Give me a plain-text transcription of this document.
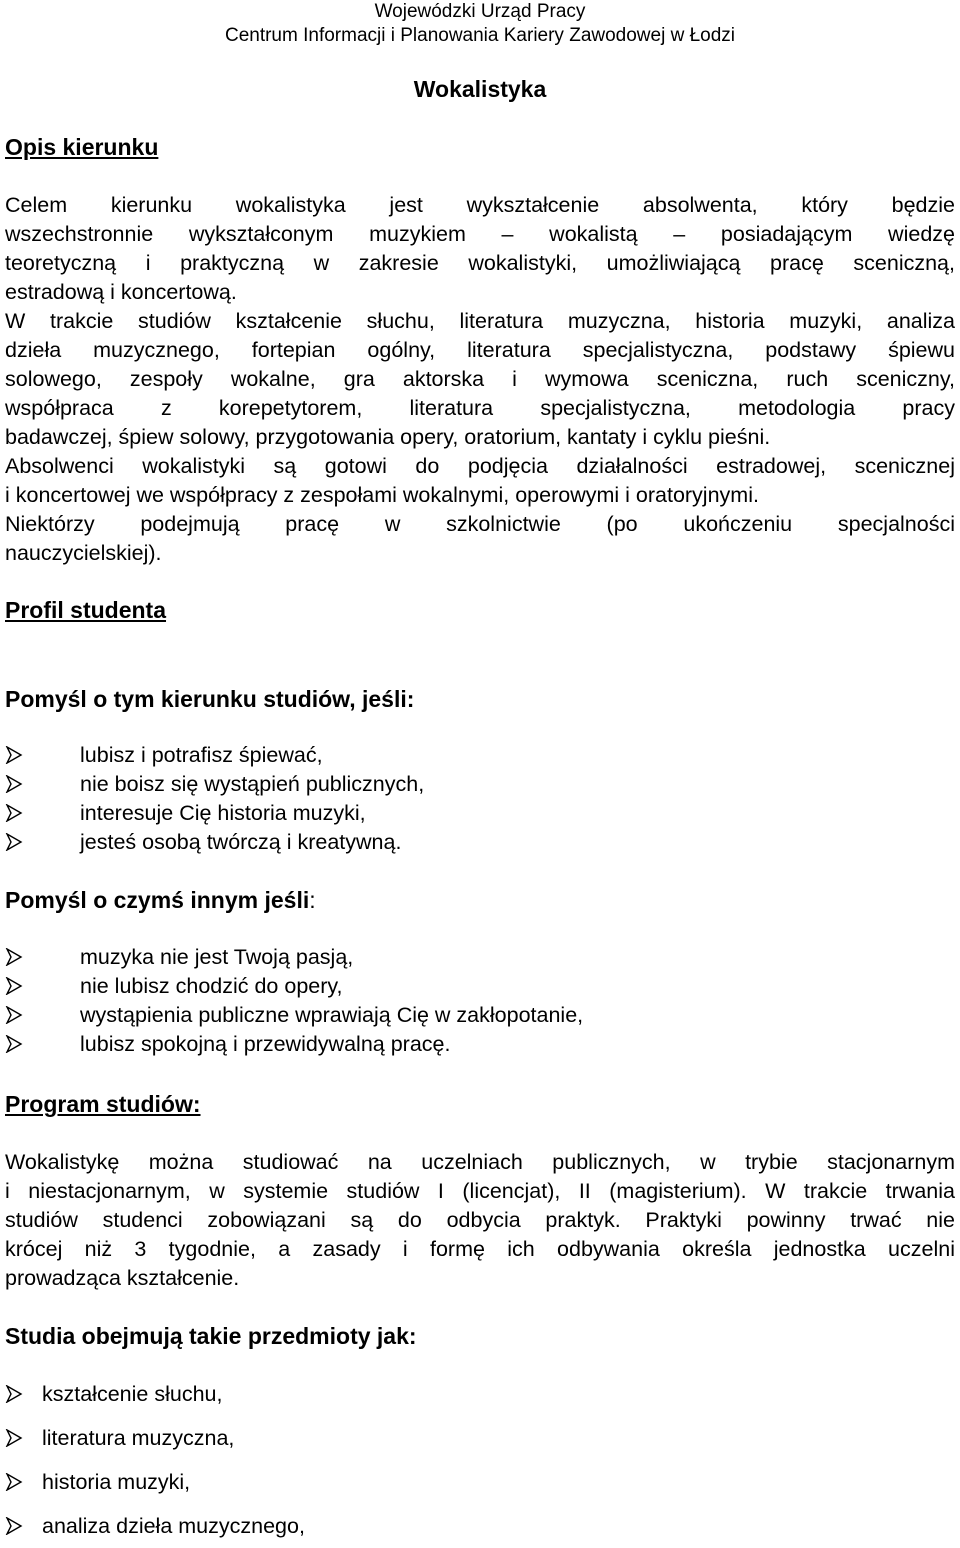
Wojewódzki Urząd Pracy
Centrum Informacji i Planowania Kariery Zawodowej w Łodzi
Wokalistyka
Opis kierunku
Celem kierunku wokalistyka jest wykształcenie absolwenta, który będzie
wszechstronnie wykształconym muzykiem – wokalistą – posiadającym wiedzę
teoretyczną i praktyczną w zakresie wokalistyki, umożliwiającą pracę sceniczną,
estradową i koncertową.
W trakcie studiów kształcenie słuchu, literatura muzyczna, historia muzyki, analiza
dzieła muzycznego, fortepian ogólny, literatura specjalistyczna, podstawy śpiewu
solowego, zespoły wokalne, gra aktorska i wymowa sceniczna, ruch sceniczny,
współpraca z korepetytorem, literatura specjalistyczna, metodologia pracy
badawczej, śpiew solowy, przygotowania opery, oratorium, kantaty i cyklu pieśni.
Absolwenci wokalistyki są gotowi do podjęcia działalności estradowej, scenicznej
i koncertowej we współpracy z zespołami wokalnymi, operowymi i oratoryjnymi.
Niektórzy podejmują pracę w szkolnictwie (po ukończeniu specjalności
nauczycielskiej).
Profil studenta
Pomyśl o tym kierunku studiów, jeśli:
lubisz i potrafisz śpiewać,
nie boisz się wystąpień publicznych,
interesuje Cię historia muzyki,
jesteś osobą twórczą i kreatywną.
Pomyśl o czymś innym jeśli:
muzyka nie jest Twoją pasją,
nie lubisz chodzić do opery,
wystąpienia publiczne wprawiają Cię w zakłopotanie,
lubisz spokojną i przewidywalną pracę.
Program studiów:
Wokalistykę można studiować na uczelniach publicznych, w trybie stacjonarnym
i niestacjonarnym, w systemie studiów I (licencjat), II (magisterium). W trakcie trwania
studiów studenci zobowiązani są do odbycia praktyk. Praktyki powinny trwać nie
krócej niż 3 tygodnie, a zasady i formę ich odbywania określa jednostka uczelni
prowadząca kształcenie.
Studia obejmują takie przedmioty jak:
kształcenie słuchu,
literatura muzyczna,
historia muzyki,
analiza dzieła muzycznego,
